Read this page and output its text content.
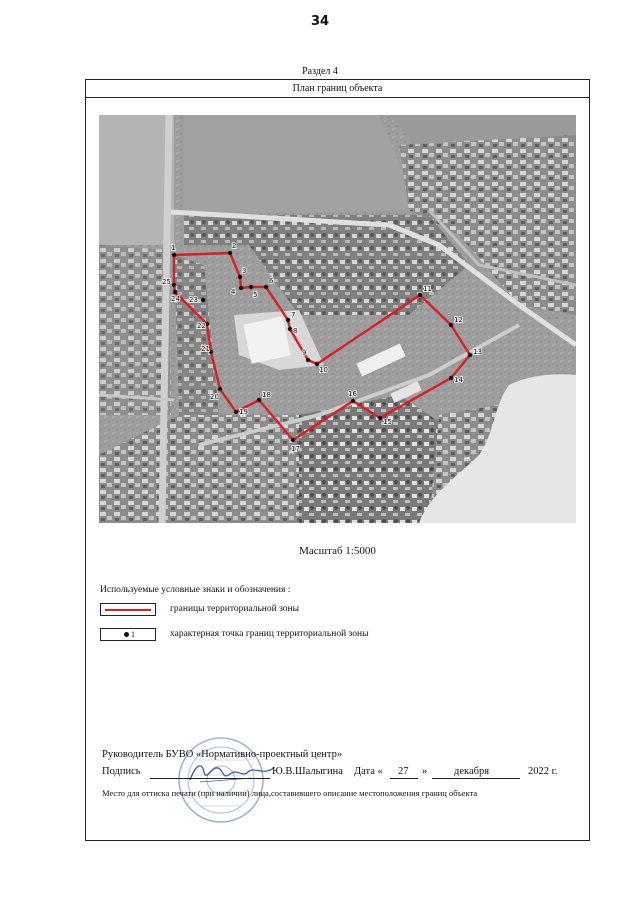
34
Раздел 4
План границ объекта
1	2
3
4	5
6
7
8
9
10
11
12
13
14
15
16
17
18
19
20
21
22
23
24
25
Масштаб 1:5000
Используемые условные знаки и обозначения :
границы территориальной зоны
1	характерная точка границ территориальной зоны
Руководитель БУВО «Нормативно-проектный центр»
Подпись	Ю.В.Шалыгина Дата « 27 »	декабря	2022 г.
Место для оттиска печати (при наличии) лица,составившего описание местоположения границ объекта
